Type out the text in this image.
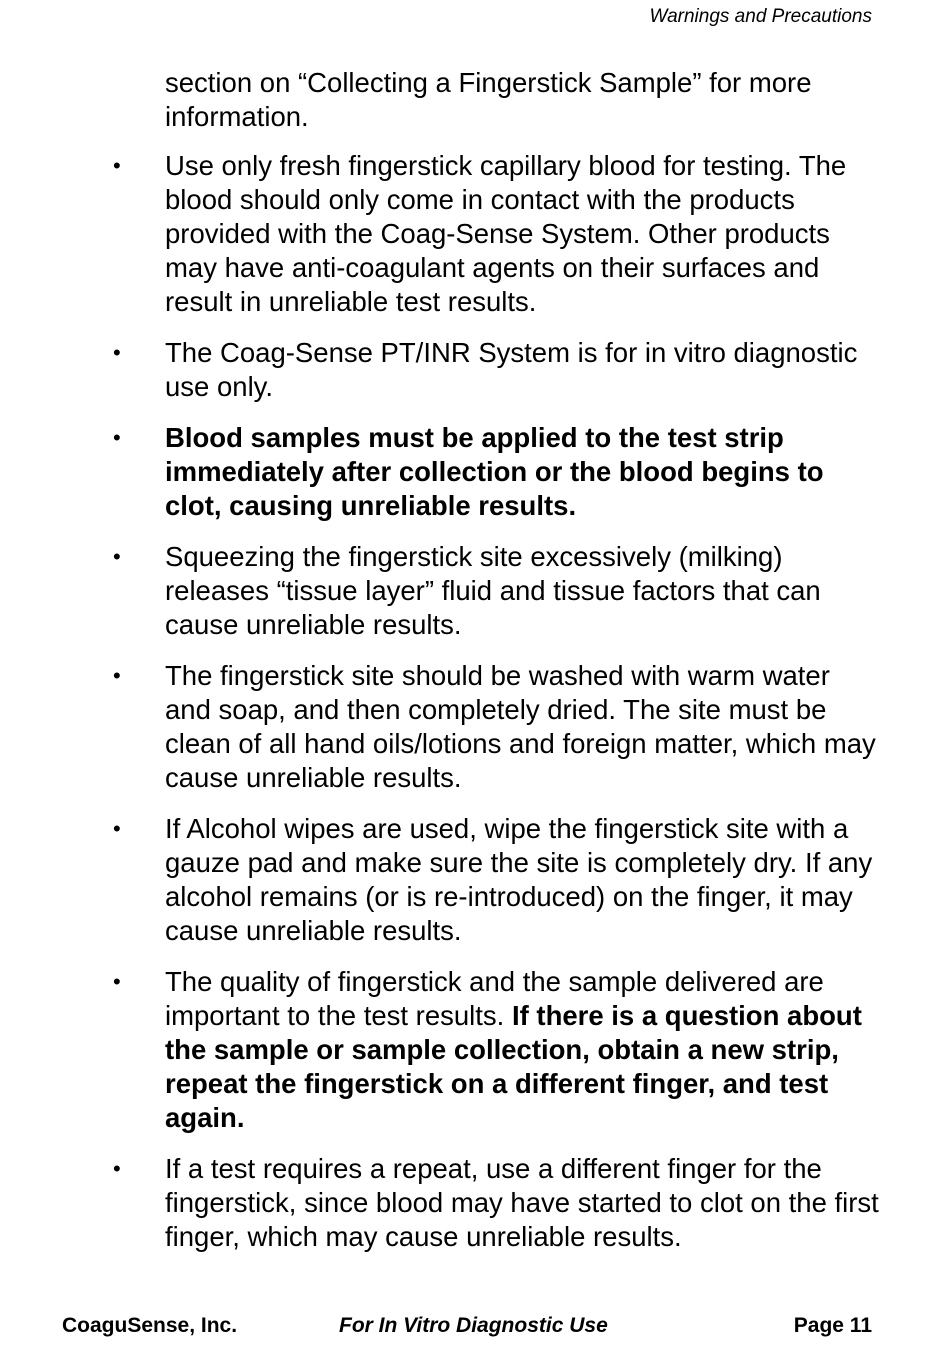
Warnings and Precautions

section on “Collecting a Fingerstick Sample” for more information.

• Use only fresh fingerstick capillary blood for testing. The blood should only come in contact with the products provided with the Coag-Sense System. Other products may have anti-coagulant agents on their surfaces and result in unreliable test results.
• The Coag-Sense PT/INR System is for in vitro diagnostic use only.
• Blood samples must be applied to the test strip immediately after collection or the blood begins to clot, causing unreliable results.
• Squeezing the fingerstick site excessively (milking) releases “tissue layer” fluid and tissue factors that can cause unreliable results.
• The fingerstick site should be washed with warm water and soap, and then completely dried. The site must be clean of all hand oils/lotions and foreign matter, which may cause unreliable results.
• If Alcohol wipes are used, wipe the fingerstick site with a gauze pad and make sure the site is completely dry. If any alcohol remains (or is re-introduced) on the finger, it may cause unreliable results.
• The quality of fingerstick and the sample delivered are important to the test results. If there is a question about the sample or sample collection, obtain a new strip, repeat the fingerstick on a different finger, and test again.
• If a test requires a repeat, use a different finger for the fingerstick, since blood may have started to clot on the first finger, which may cause unreliable results.
CoaguSense, Inc.	For In Vitro Diagnostic Use	Page 11
